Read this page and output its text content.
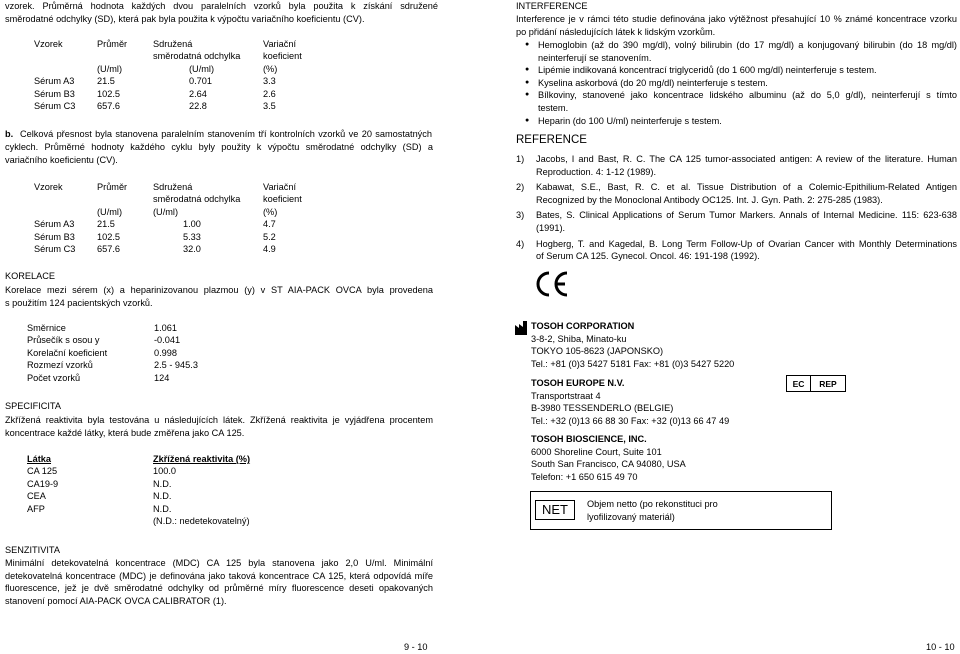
vzorek. Průměrná hodnota každých dvou paralelních vzorků byla použita k získání sdružené
směrodatné odchylky (SD), která pak byla použita k výpočtu variačního koeficientu (CV).
Vzorek	Průměr	Sdružená	Variační
		směrodatná odchylka	koeficient
	(U/ml)	(U/ml)	(%)
Sérum A3	21.5	0.701	3.3
Sérum B3	102.5	2.64	2.6
Sérum C3	657.6	22.8	3.5
b. Celková přesnost byla stanovena paralelním stanovením tří kontrolních vzorků ve 20 samostatných
cyklech. Průměrné hodnoty každého cyklu byly použity k výpočtu směrodatné odchylky (SD) a
variačního koeficientu (CV).
Vzorek	Průměr	Sdružená	Variační
		směrodatná odchylka	koeficient
	(U/ml)	(U/ml)	(%)
Sérum A3	21.5	1.00	4.7
Sérum B3	102.5	5.33	5.2
Sérum C3	657.6	32.0	4.9
KORELACE
Korelace mezi sérem (x) a heparinizovanou plazmou (y) v ST AIA-PACK OVCA byla provedena
s použitím 124 pacientských vzorků.
Směrnice	1.061
Průsečík s osou y	-0.041
Korelační koeficient	0.998
Rozmezí vzorků	2.5 - 945.3
Počet vzorků	124
SPECIFICITA
Zkřížená reaktivita byla testována u následujících látek. Zkřížená reaktivita je vyjádřena procentem
koncentrace každé látky, která bude změřena jako CA 125.
Látka	Zkřížená reaktivita (%)
CA 125	100.0
CA19-9	N.D.
CEA	N.D.
AFP	N.D.
	(N.D.: nedetekovatelný)
SENZITIVITA
Minimální detekovatelná koncentrace (MDC) CA 125 byla stanovena jako 2,0 U/ml. Minimální
detekovatelná koncentrace (MDC) je definována jako taková koncentrace CA 125, která odpovídá míře
fluorescence, jež je dvě směrodatné odchylky od průměrné míry fluorescence deseti opakovaných
stanovení pomocí AIA-PACK OVCA CALIBRATOR (1).
9 - 10
INTERFERENCE
Interference je v rámci této studie definována jako výtěžnost přesahující 10 % známé koncentrace vzorku
po přidání následujících látek k lidským vzorkům.
● Hemoglobin (až do 390 mg/dl), volný bilirubin (do 17 mg/dl) a konjugovaný bilirubin (do 18 mg/dl)
neinterferují se stanovením.
● Lipémie indikovaná koncentrací triglyceridů (do 1 600 mg/dl) neinterferuje s testem.
● Kyselina askorbová (do 20 mg/dl) neinterferuje s testem.
● Bílkoviny, stanovené jako koncentrace lidského albuminu (až do 5,0 g/dl), neinterferují s tímto
testem.
● Heparin (do 100 U/ml) neinterferuje s testem.
REFERENCE
1)	Jacobs, I and Bast, R. C. The CA 125 tumor-associated antigen: A review of the literature. Human
Reproduction. 4: 1-12 (1989).
2)	Kabawat, S.E., Bast, R. C. et al. Tissue Distribution of a Colemic-Epithilium-Related Antigen
Recognized by the Monoclonal Antibody OC125. Int. J. Gyn. Path. 2: 275-285 (1983).
3)	Bates, S. Clinical Applications of Serum Tumor Markers. Annals of Internal Medicine. 115: 623-638
(1991).
4)	Hogberg, T. and Kagedal, B. Long Term Follow-Up of Ovarian Cancer with Monthly Determinations
of Serum CA 125. Gynecol. Oncol. 46: 191-198 (1992).
TOSOH CORPORATION
3-8-2, Shiba, Minato-ku
TOKYO 105-8623 (JAPONSKO)
Tel.: +81 (0)3 5427 5181 Fax: +81 (0)3 5427 5220
TOSOH EUROPE N.V.
Transportstraat 4
B-3980 TESSENDERLO (BELGIE)
Tel.: +32 (0)13 66 88 30 Fax: +32 (0)13 66 47 49
EC	REP
TOSOH BIOSCIENCE, INC.
6000 Shoreline Court, Suite 101
South San Francisco, CA 94080, USA
Telefon: +1 650 615 49 70
NET	Objem netto (po rekonstituci pro
lyofilizovaný materiál)
10 - 10
